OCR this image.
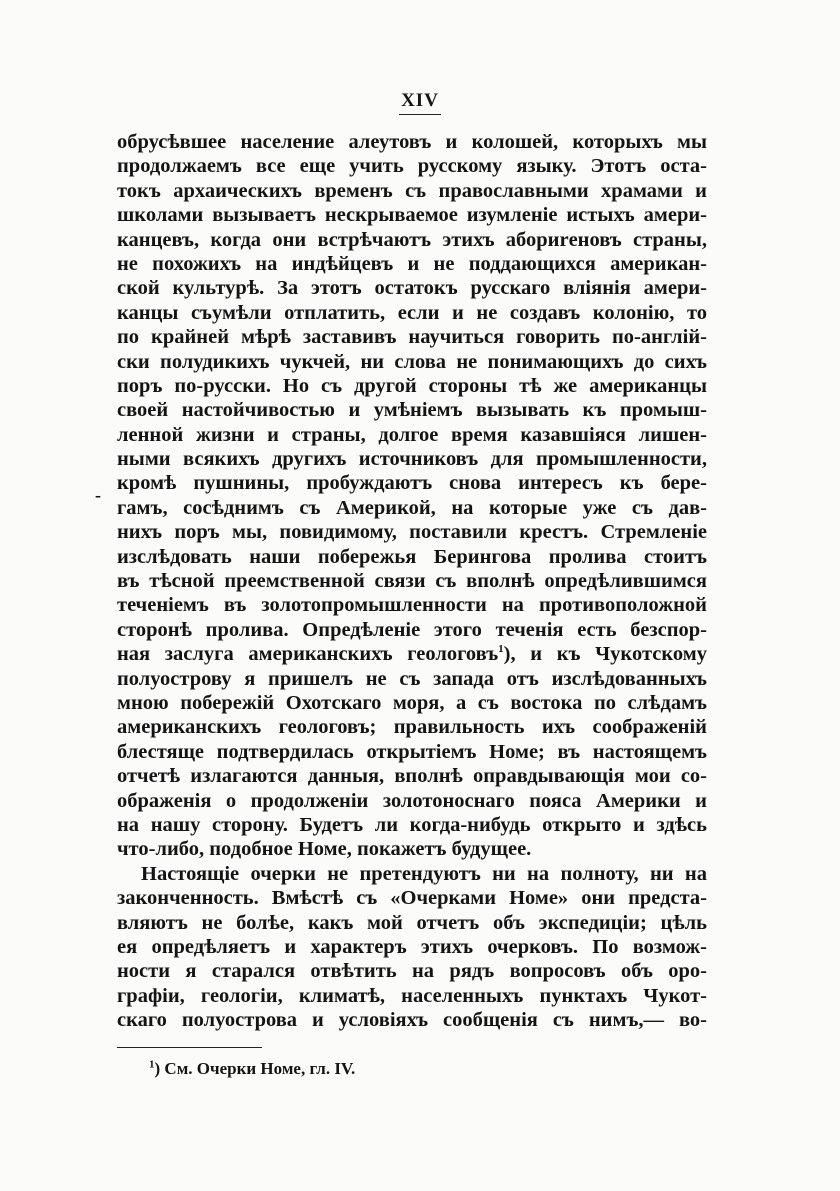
XIV
-
обрусѣвшее население алеутовъ и колошей, которыхъ мы
продолжаемъ все еще учить русскому языку. Этотъ оста-
токъ архаическихъ временъ съ православными храмами и
школами вызываетъ нескрываемое изумленіе истыхъ амери-
канцевъ, когда они встрѣчаютъ этихъ абориrеновъ страны,
не похожихъ на индѣйцевъ и не поддающихся американ-
ской культурѣ. За этотъ остатокъ русскаго вліянія амери-
канцы съумѣли отплатить, если и не создавъ колонію, то
по крайней мѣрѣ заставивъ научиться говорить по-англій-
ски полудикихъ чукчей, ни слова не понимающихъ до сихъ
поръ по-русски. Но съ другой стороны тѣ же американцы
своей настойчивостью и умѣніемъ вызывать къ промыш-
ленной жизни и страны, долгое время казавшіяся лишен-
ными всякихъ другихъ источниковъ для промышленности,
кромѣ пушнины, пробуждаютъ снова интересъ къ бере-
гамъ, сосѣднимъ съ Америкой, на которые уже съ дав-
нихъ поръ мы, повидимому, поставили крестъ. Стремленіе
изслѣдовать наши побережья Берингова пролива стоитъ
въ тѣсной преемственной связи съ вполнѣ опредѣлившимся
теченіемъ въ золотопромышленности на противоположной
сторонѣ пролива. Опредѣленіе этого теченія есть безспор-
ная заслуга американскихъ геологовъ$^1$), и къ Чукотскому
полуострову я пришелъ не съ запада отъ изслѣдованныхъ
мною побережій Охотскаго моря, а съ востока по слѣдамъ
американскихъ геологовъ; правильность ихъ соображеній
блестяще подтвердилась открытіемъ Номе; въ настоящемъ
отчетѣ излагаются данныя, вполнѣ оправдывающія мои со-
ображенія о продолженіи золотоноснаго пояса Америки и
на нашу сторону. Будетъ ли когда-нибудь открыто и здѣсь
что-либо, подобное Номе, покажетъ будущее.
Настоящіе очерки не претендуютъ ни на полноту, ни на
законченность. Вмѣстѣ съ «Очерками Номе» они предста-
вляютъ не болѣе, какъ мой отчетъ объ экспедиціи; цѣль
ея опредѣляетъ и характеръ этихъ очерковъ. По возмож-
ности я старался отвѣтить на рядъ вопросовъ объ оро-
графіи, геологіи, климатѣ, населенныхъ пунктахъ Чукот-
скаго полуострова и условіяхъ сообщенія съ нимъ,— во-
$^1$) См. Очерки Номе, гл. IV.
